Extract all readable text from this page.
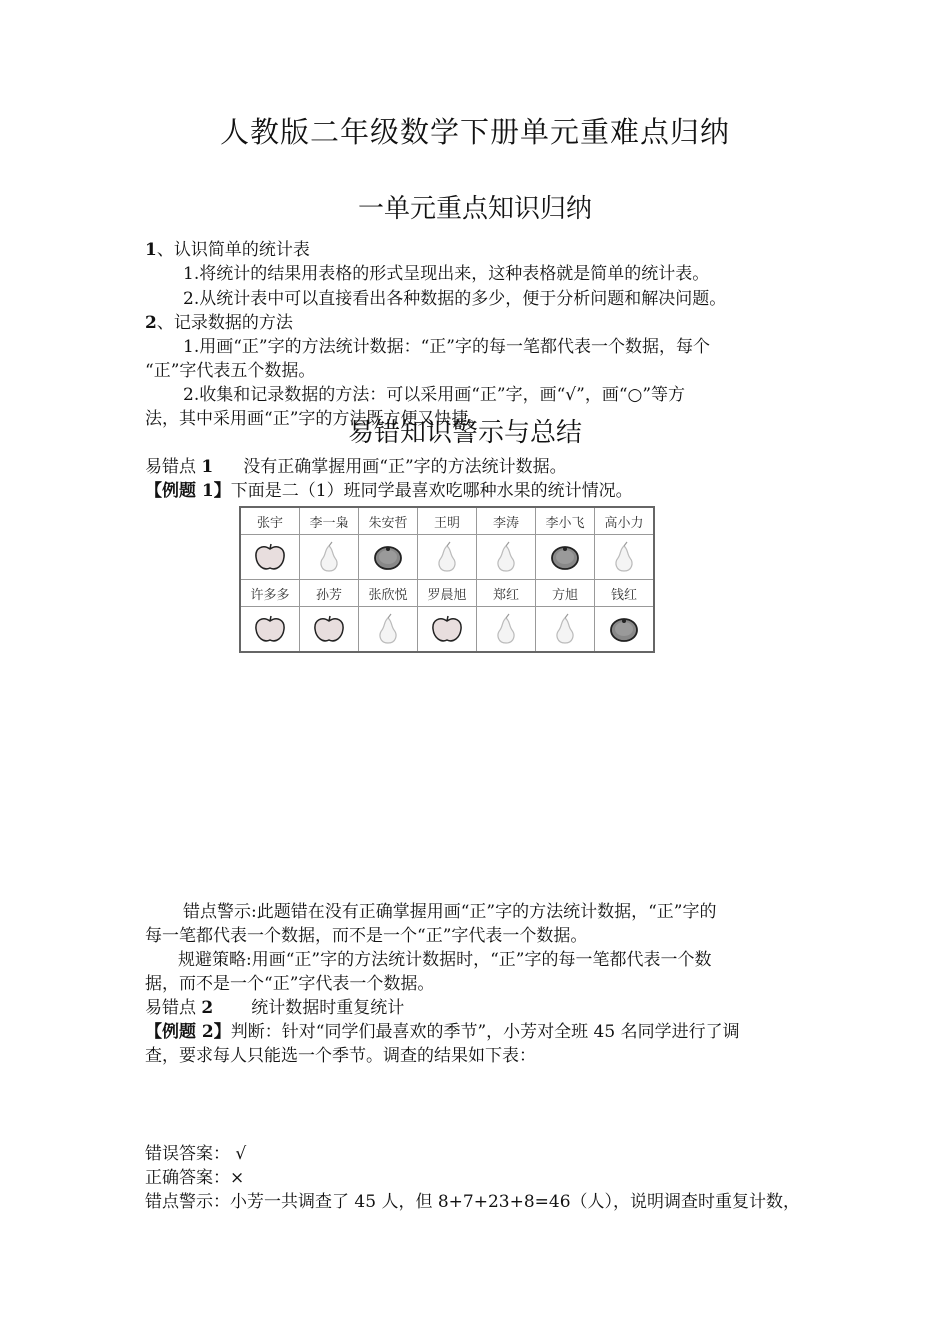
人教版二年级数学下册单元重难点归纳
一单元重点知识归纳
1、认识简单的统计表
1.将统计的结果用表格的形式呈现出来，这种表格就是简单的统计表。
2.从统计表中可以直接看出各种数据的多少，便于分析问题和解决问题。
2、记录数据的方法
1.用画“正”字的方法统计数据：“正”字的每一笔都代表一个数据，每个
“正”字代表五个数据。
2.收集和记录数据的方法：可以采用画“正”字，画“√”，画“○”等方
法，其中采用画“正”字的方法既方便又快捷。
易错知识警示与总结
易错点 1 没有正确掌握用画“正”字的方法统计数据。
【例题 1】下面是二（1）班同学最喜欢吃哪种水果的统计情况。
张宇	李一枭	朱安哲	王明	李涛	李小飞	高小力

许多多	孙芳	张欣悦	罗晨旭	郑红	方旭	钱红

错点警示:此题错在没有正确掌握用画“正”字的方法统计数据，“正”字的
每一笔都代表一个数据，而不是一个“正”字代表一个数据。
规避策略:用画“正”字的方法统计数据时，“正”字的每一笔都代表一个数
据，而不是一个“正”字代表一个数据。
易错点 2 统计数据时重复统计
【例题 2】判断：针对“同学们最喜欢的季节”，小芳对全班 45 名同学进行了调
查，要求每人只能选一个季节。调查的结果如下表：
错误答案： √
正确答案：×
错点警示：小芳一共调查了 45 人，但 8+7+23+8=46（人），说明调查时重复计数，
